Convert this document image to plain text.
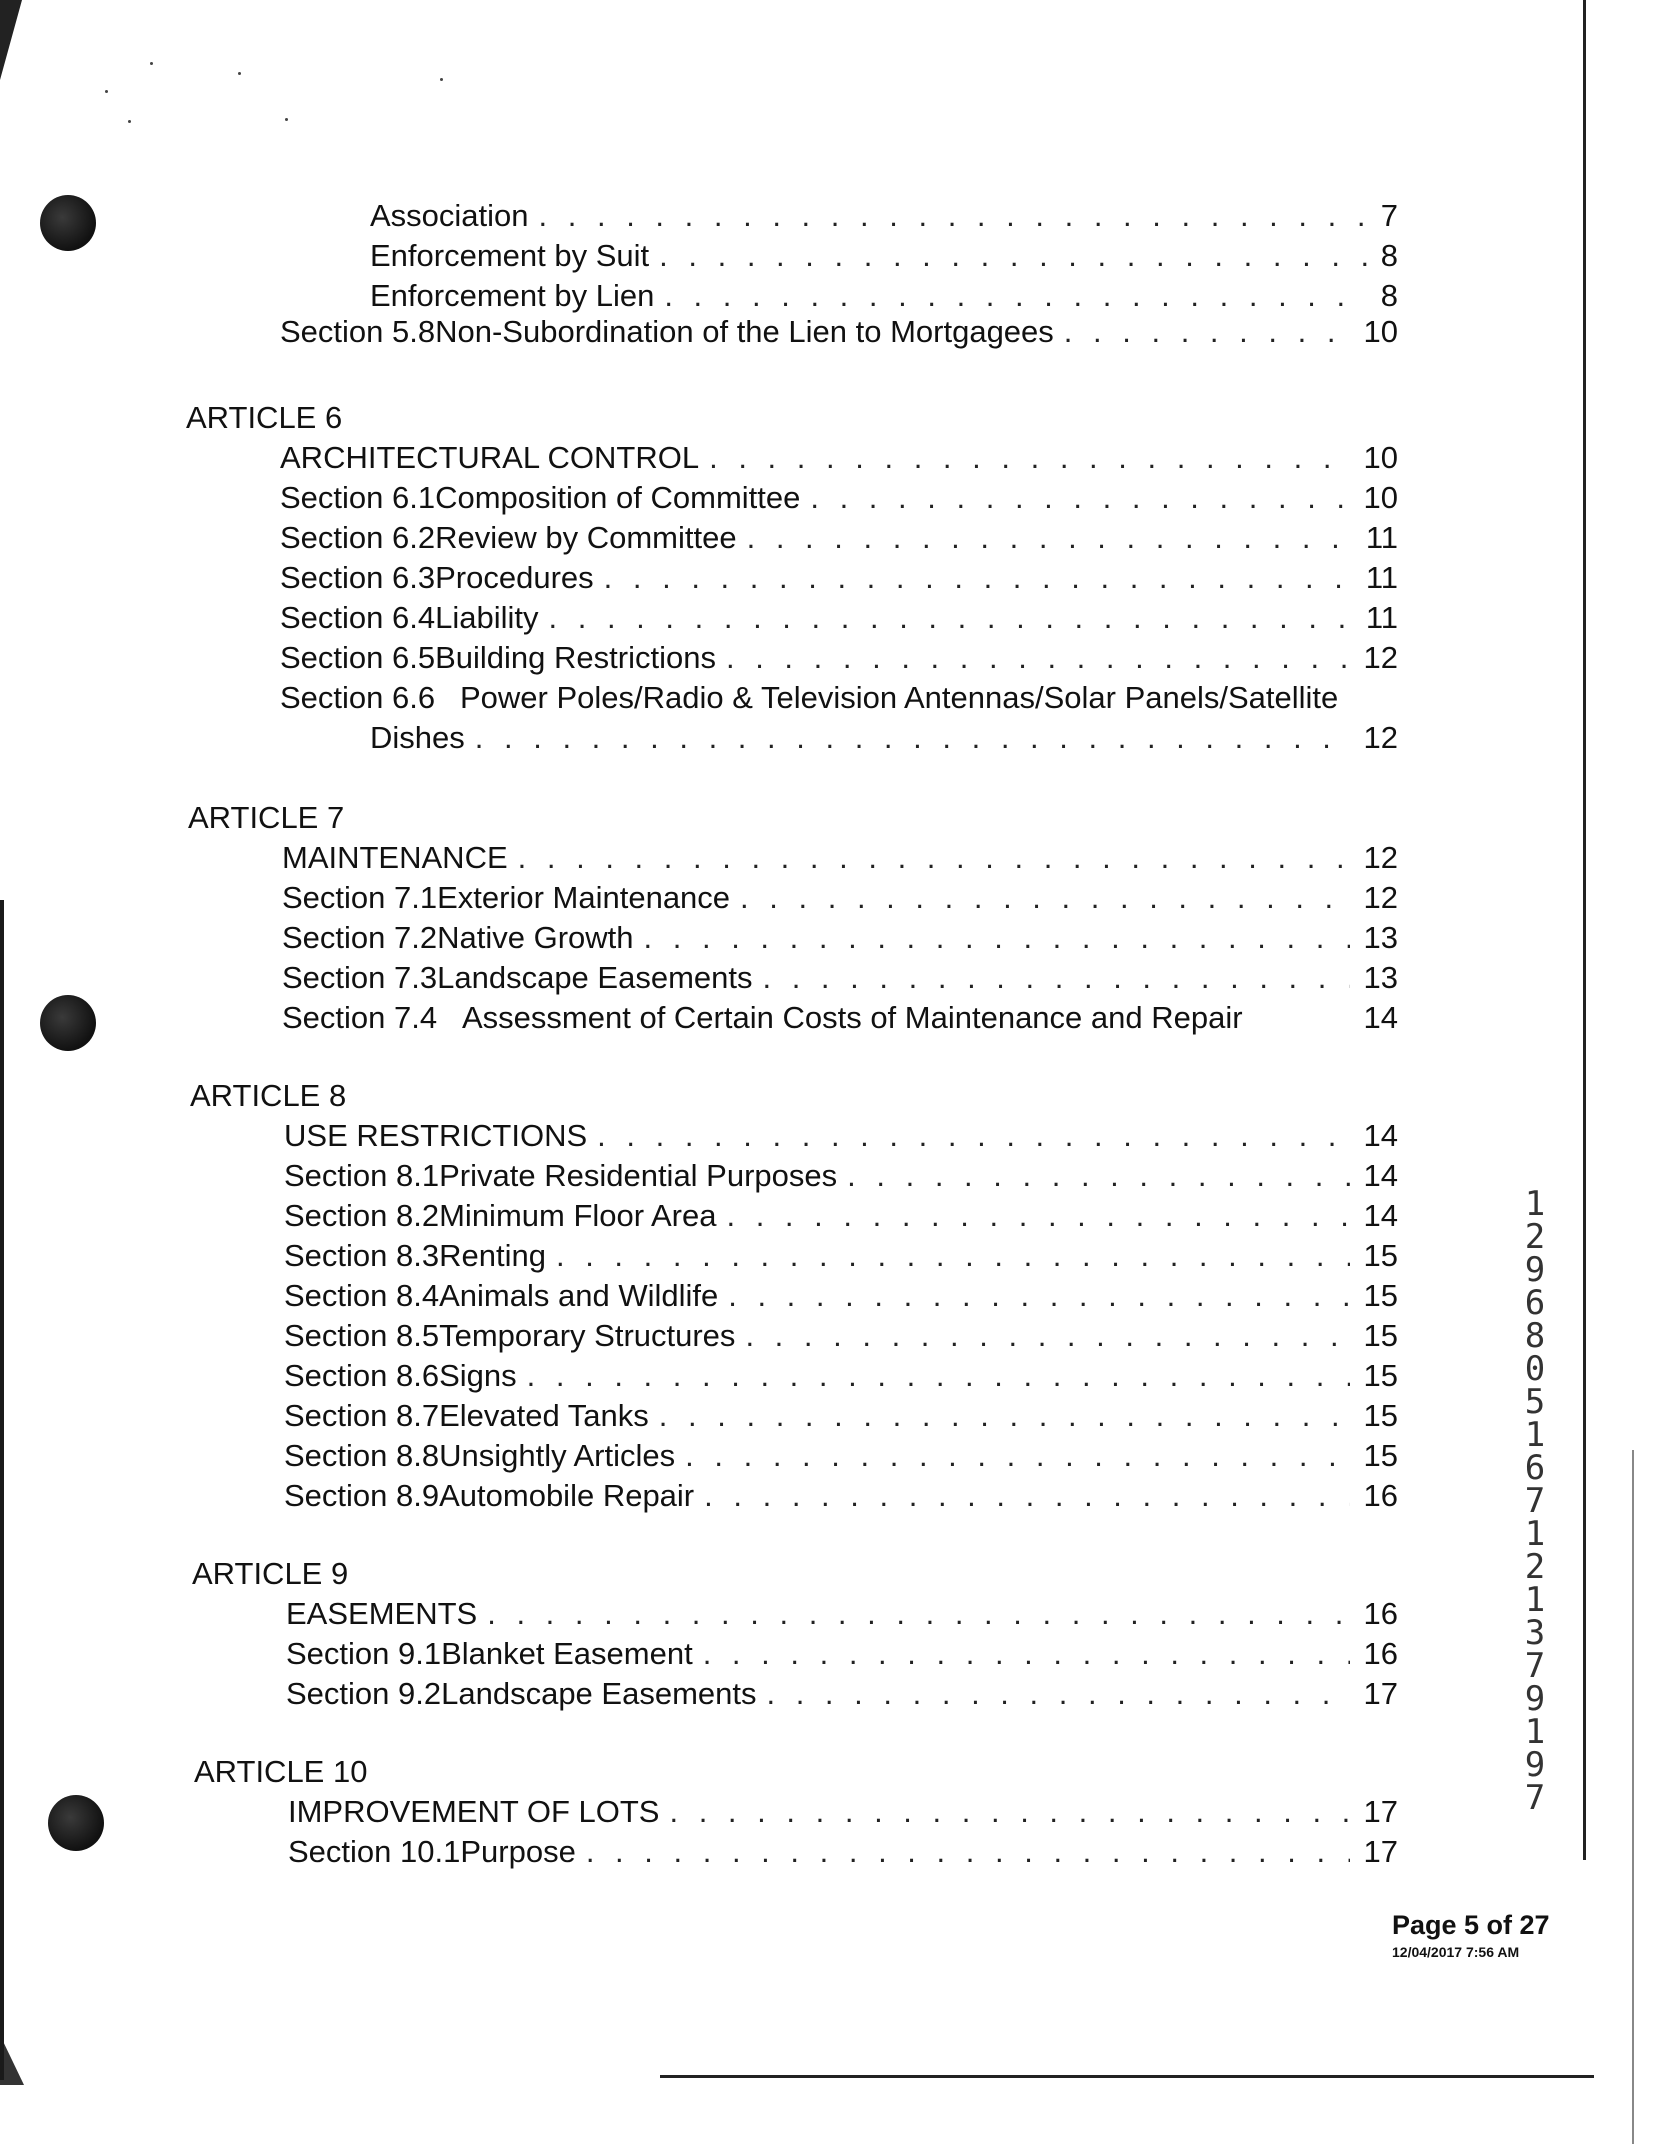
Association . . .	7
Enforcement by Suit . . .	8
Enforcement by Lien . . .	8
Section 5.8 Non-Subordination of the Lien to Mortgagees . . .	10
ARTICLE 6
ARCHITECTURAL CONTROL . . .	10
Section 6.1 Composition of Committee . . .	10
Section 6.2 Review by Committee . . .	11
Section 6.3 Procedures . . .	11
Section 6.4 Liability . . .	11
Section 6.5 Building Restrictions . . .	12
Section 6.6 Power Poles/Radio & Television Antennas/Solar Panels/Satellite
Dishes . . .	12
ARTICLE 7
MAINTENANCE . . .	12
Section 7.1 Exterior Maintenance . . .	12
Section 7.2 Native Growth . . .	13
Section 7.3 Landscape Easements . . .	13
Section 7.4 Assessment of Certain Costs of Maintenance and Repair	14
ARTICLE 8
USE RESTRICTIONS . . .	14
Section 8.1 Private Residential Purposes . . .	14
Section 8.2 Minimum Floor Area . . .	14
Section 8.3 Renting . . .	15
Section 8.4 Animals and Wildlife . . .	15
Section 8.5 Temporary Structures . . .	15
Section 8.6 Signs . . .	15
Section 8.7 Elevated Tanks . . .	15
Section 8.8 Unsightly Articles . . .	15
Section 8.9 Automobile Repair . . .	16
ARTICLE 9
EASEMENTS . . .	16
Section 9.1 Blanket Easement . . .	16
Section 9.2 Landscape Easements . . .	17
ARTICLE 10
IMPROVEMENT OF LOTS . . .	17
Section 10.1 Purpose . . .	17
Page 5 of 27
12/04/2017 7:56 AM
12968 05167 121379197
